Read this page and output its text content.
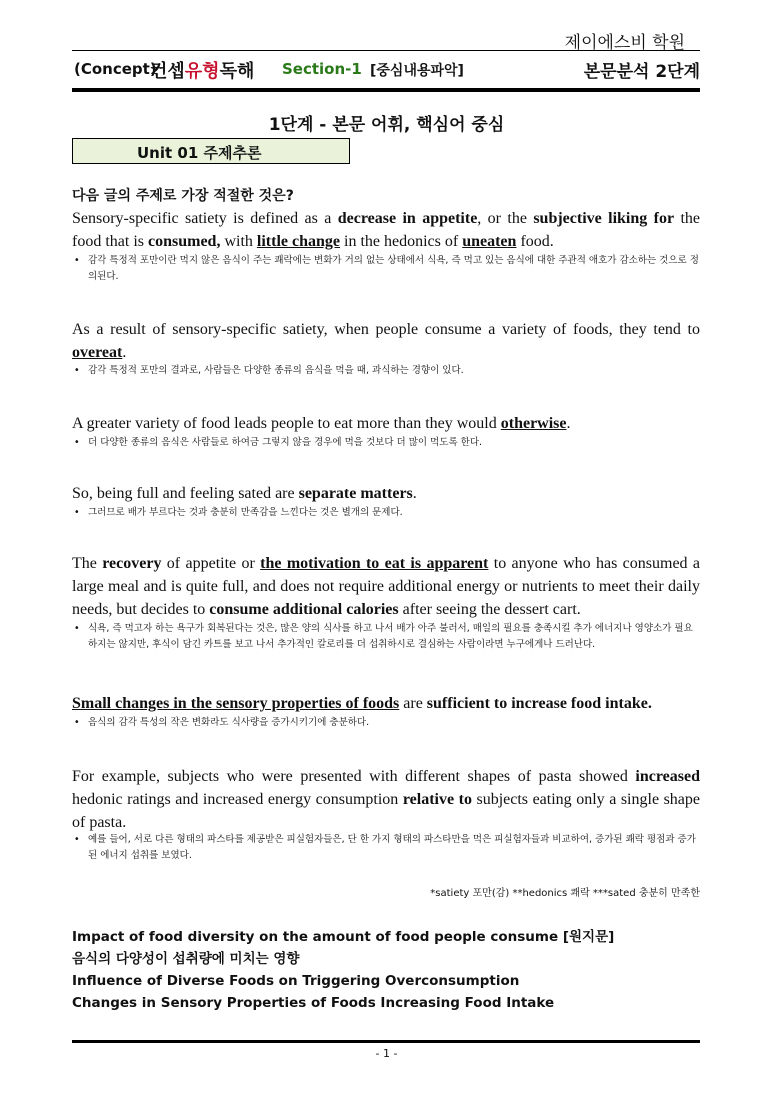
제이에스비 학원
(Concept)
컨셉유형독해 Section-1 [중심내용파악]	본문분석 2단계
1단계 - 본문 어휘, 핵심어 중심
Unit 01 주제추론
다음 글의 주제로 가장 적절한 것은?
Sensory-specific satiety is defined as a decrease in appetite, or the subjective liking for the food that is consumed, with little change in the hedonics of uneaten food.
• 감각 특정적 포만이란 먹지 않은 음식이 주는 쾌락에는 변화가 거의 없는 상태에서 식욕, 즉 먹고 있는 음식에 대한 주관적 애호가 감소하는 것으로 정의된다.
As a result of sensory-specific satiety, when people consume a variety of foods, they tend to overeat.
• 감각 특정적 포만의 결과로, 사람들은 다양한 종류의 음식을 먹을 때, 과식하는 경향이 있다.
A greater variety of food leads people to eat more than they would otherwise.
• 더 다양한 종류의 음식은 사람들로 하여금 그렇지 않을 경우에 먹을 것보다 더 많이 먹도록 한다.
So, being full and feeling sated are separate matters.
• 그러므로 배가 부르다는 것과 충분히 만족감을 느낀다는 것은 별개의 문제다.
The recovery of appetite or the motivation to eat is apparent to anyone who has consumed a large meal and is quite full, and does not require additional energy or nutrients to meet their daily needs, but decides to consume additional calories after seeing the dessert cart.
• 식욕, 즉 먹고자 하는 욕구가 회복된다는 것은, 많은 양의 식사를 하고 나서 배가 아주 불러서, 매일의 필요를 충족시킬 추가 에너지나 영양소가 필요하지는 않지만, 후식이 담긴 카트를 보고 나서 추가적인 칼로리를 더 섭취하시로 결심하는 사람이라면 누구에게나 드러난다.
Small changes in the sensory properties of foods are sufficient to increase food intake.
• 음식의 감각 특성의 작은 변화라도 식사량을 증가시키기에 충분하다.
For example, subjects who were presented with different shapes of pasta showed increased hedonic ratings and increased energy consumption relative to subjects eating only a single shape of pasta.
• 예를 들어, 서로 다른 형태의 파스타를 제공받은 피실험자들은, 단 한 가지 형태의 파스타만을 먹은 피실험자들과 비교하여, 증가된 쾌락 평점과 증가된 에너지 섭취를 보였다.
*satiety 포만(감) **hedonics 쾌락 ***sated 충분히 만족한
Impact of food diversity on the amount of food people consume [원지문]
음식의 다양성이 섭취량에 미치는 영향
Influence of Diverse Foods on Triggering Overconsumption
Changes in Sensory Properties of Foods Increasing Food Intake
- 1 -
